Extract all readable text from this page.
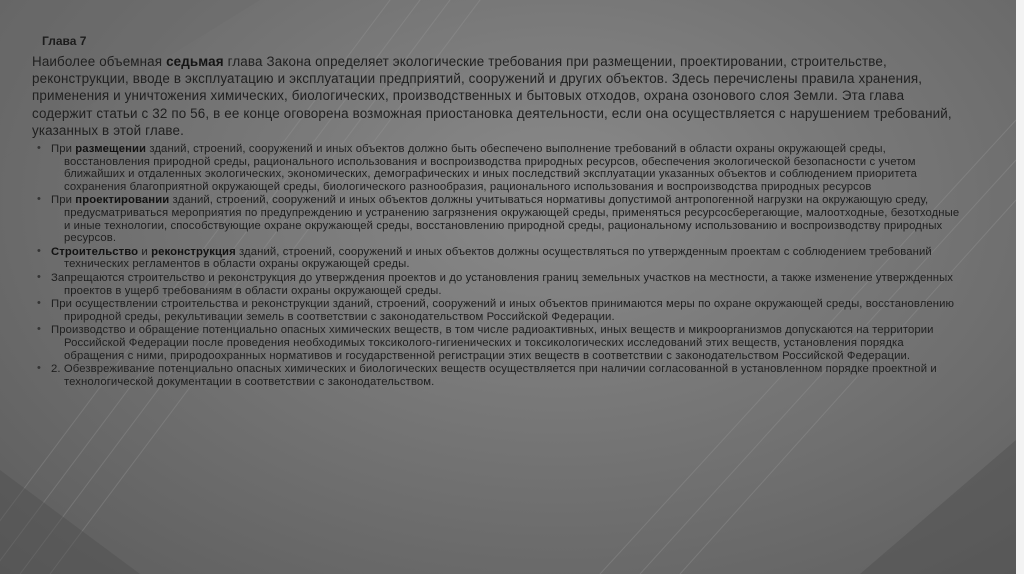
Глава 7
Наиболее объемная седьмая глава Закона определяет экологические требования при размещении, проектировании, строительстве, реконструкции, вводе в эксплуатацию и эксплуатации предприятий, сооружений и других объектов. Здесь перечислены правила хранения, применения и уничтожения химических, биологических, производственных и бытовых отходов, охрана озонового слоя Земли. Эта глава содержит статьи с 32 по 56, в ее конце оговорена возможная приостановка деятельности, если она осуществляется с нарушением требований, указанных в этой главе.
• При размещении зданий, строений, сооружений и иных объектов должно быть обеспечено выполнение требований в области охраны окружающей среды, восстановления природной среды, рационального использования и воспроизводства природных ресурсов, обеспечения экологической безопасности с учетом ближайших и отдаленных экологических, экономических, демографических и иных последствий эксплуатации указанных объектов и соблюдением приоритета сохранения благоприятной окружающей среды, биологического разнообразия, рационального использования и воспроизводства природных ресурсов
• При проектировании зданий, строений, сооружений и иных объектов должны учитываться нормативы допустимой антропогенной нагрузки на окружающую среду, предусматриваться мероприятия по предупреждению и устранению загрязнения окружающей среды, применяться ресурсосберегающие, малоотходные, безотходные и иные технологии, способствующие охране окружающей среды, восстановлению природной среды, рациональному использованию и воспроизводству природных ресурсов.
• Строительство и реконструкция зданий, строений, сооружений и иных объектов должны осуществляться по утвержденным проектам с соблюдением требований технических регламентов в области охраны окружающей среды.
• Запрещаются строительство и реконструкция до утверждения проектов и до установления границ земельных участков на местности, а также изменение утвержденных проектов в ущерб требованиям в области охраны окружающей среды.
• При осуществлении строительства и реконструкции зданий, строений, сооружений и иных объектов принимаются меры по охране окружающей среды, восстановлению природной среды, рекультивации земель в соответствии с законодательством Российской Федерации.
• Производство и обращение потенциально опасных химических веществ, в том числе радиоактивных, иных веществ и микроорганизмов допускаются на территории Российской Федерации после проведения необходимых токсиколого-гигиенических и токсикологических исследований этих веществ, установления порядка обращения с ними, природоохранных нормативов и государственной регистрации этих веществ в соответствии с законодательством Российской Федерации.
• 2. Обезвреживание потенциально опасных химических и биологических веществ осуществляется при наличии согласованной в установленном порядке проектной и технологической документации в соответствии с законодательством.
